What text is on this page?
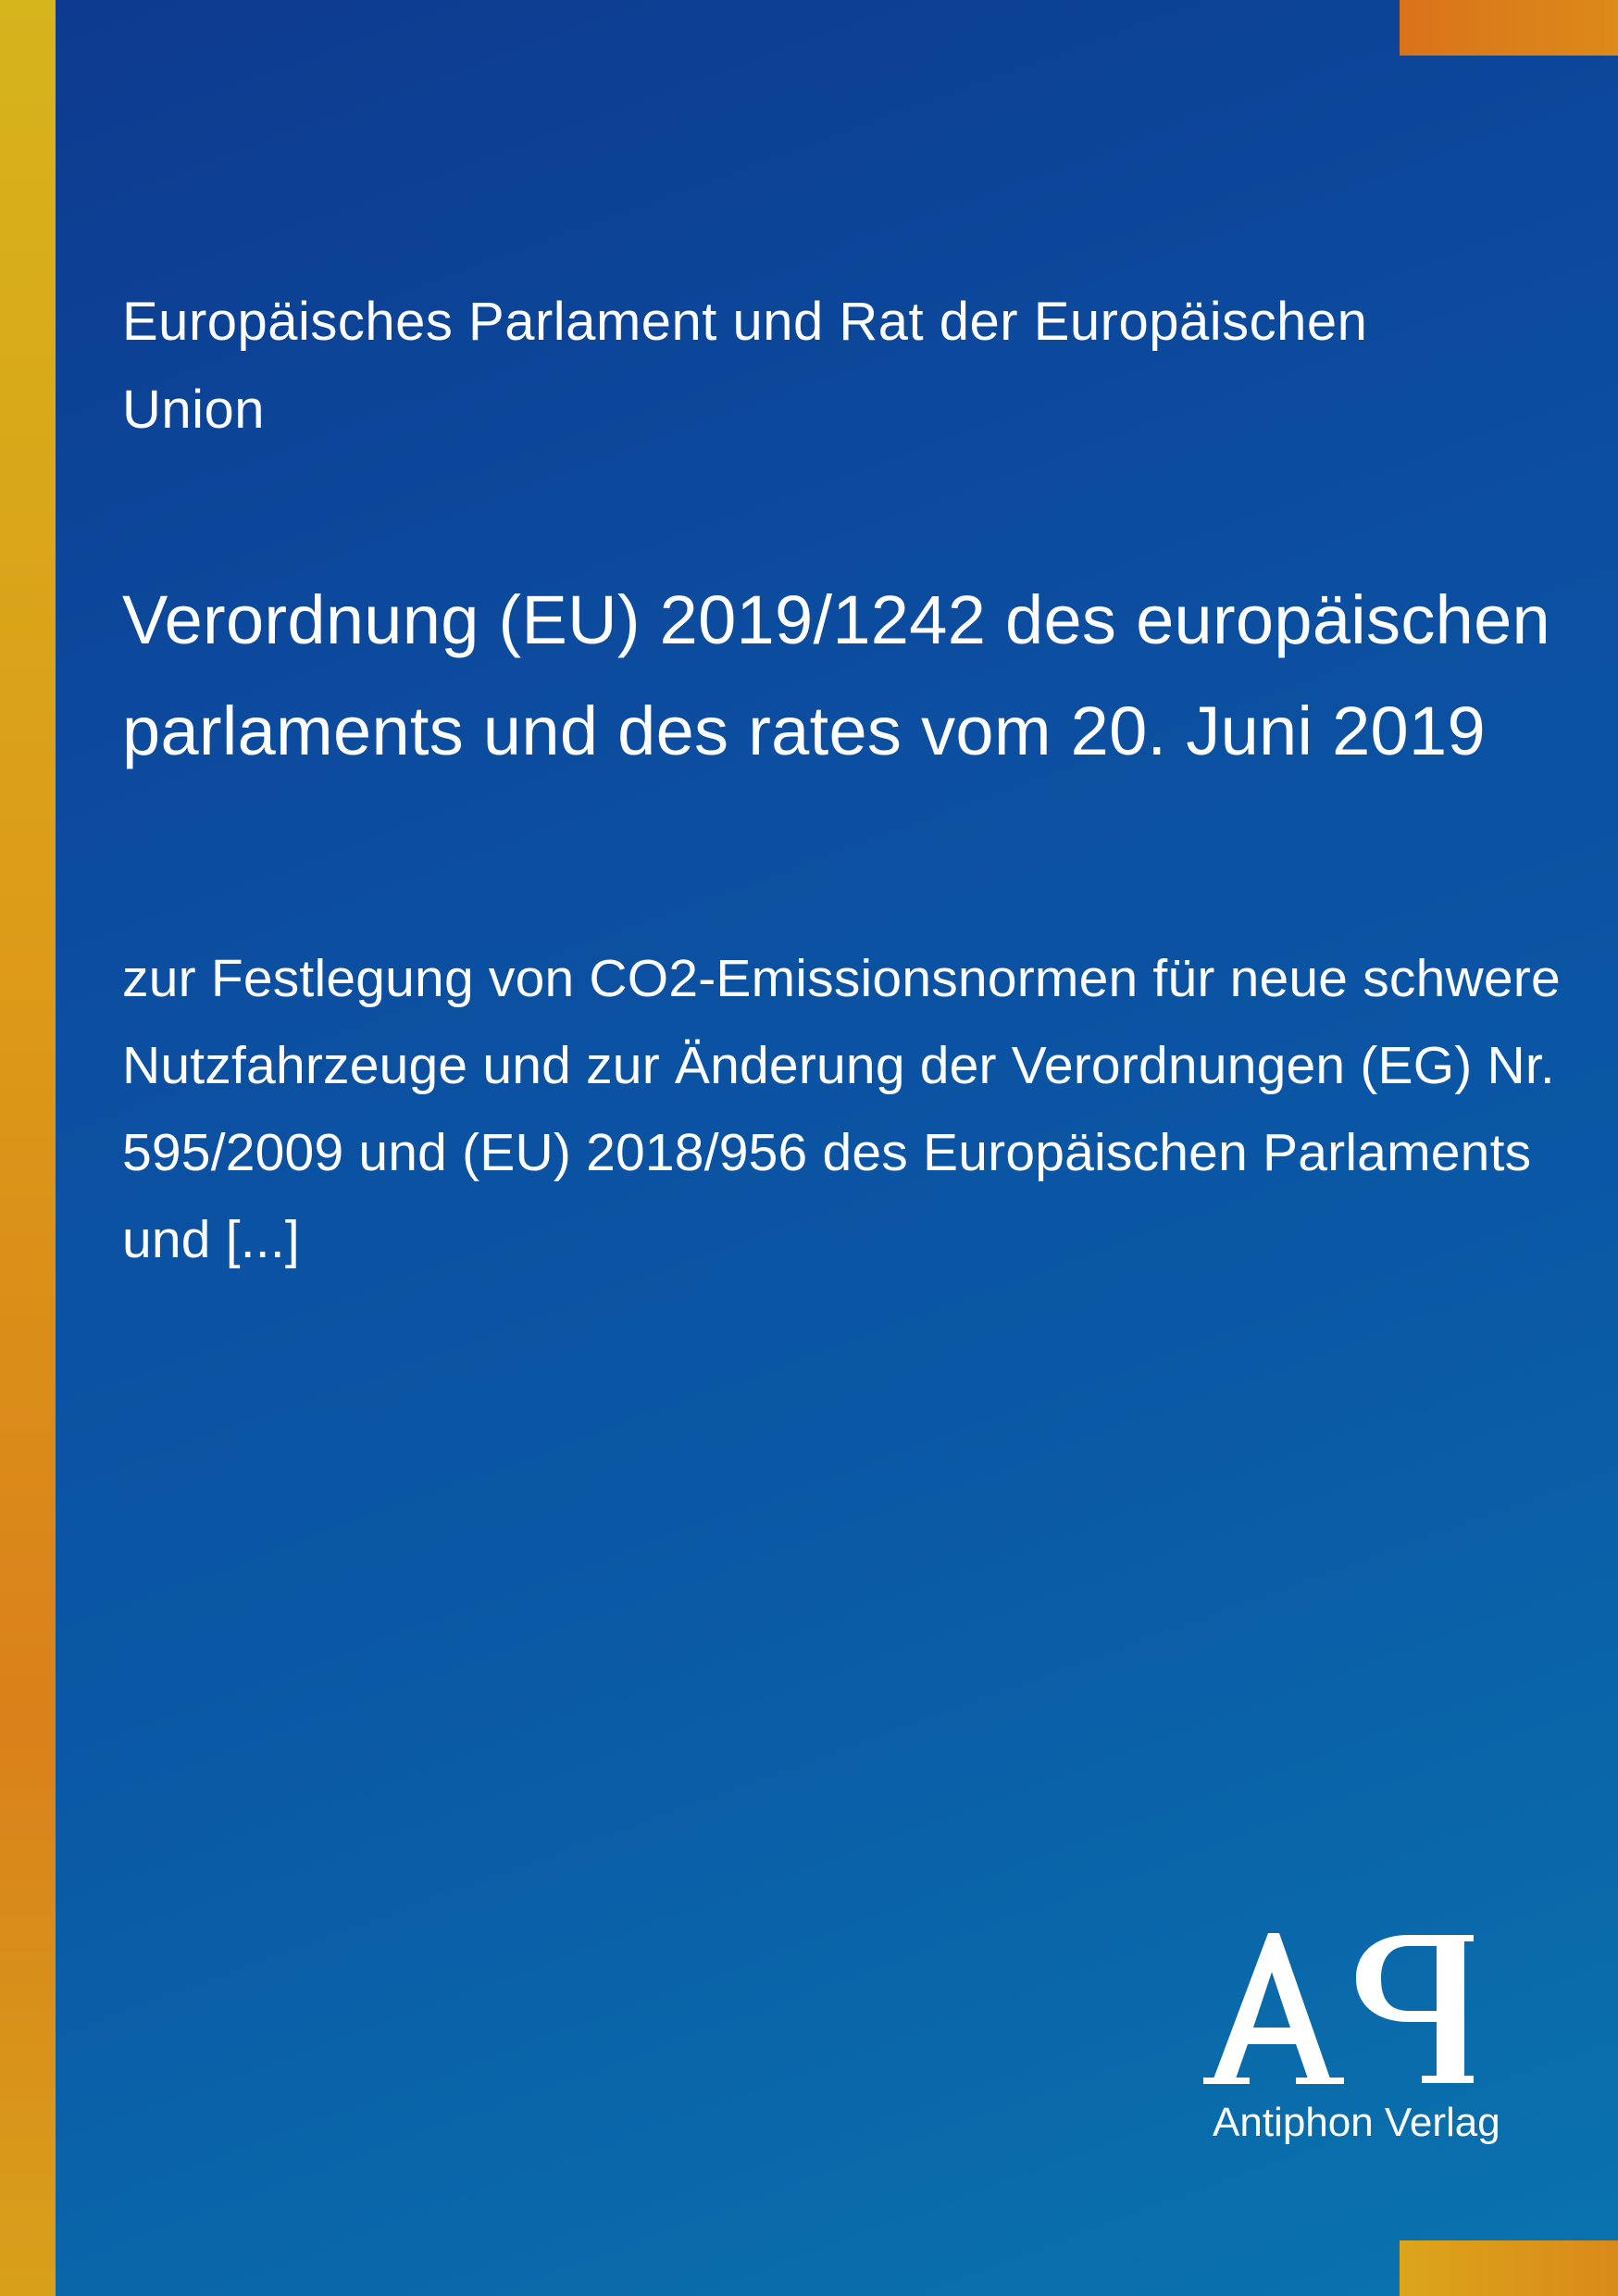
Europäisches Parlament und Rat der Europäischen Union
Verordnung (EU) 2019/1242 des europäischen parlaments und des rates vom 20. Juni 2019
zur Festlegung von CO2-Emissionsnormen für neue schwere Nutzfahrzeuge und zur Änderung der Verordnungen (EG) Nr. 595/2009 und (EU) 2018/956 des Europäischen Parlaments und [...]
Antiphon Verlag
